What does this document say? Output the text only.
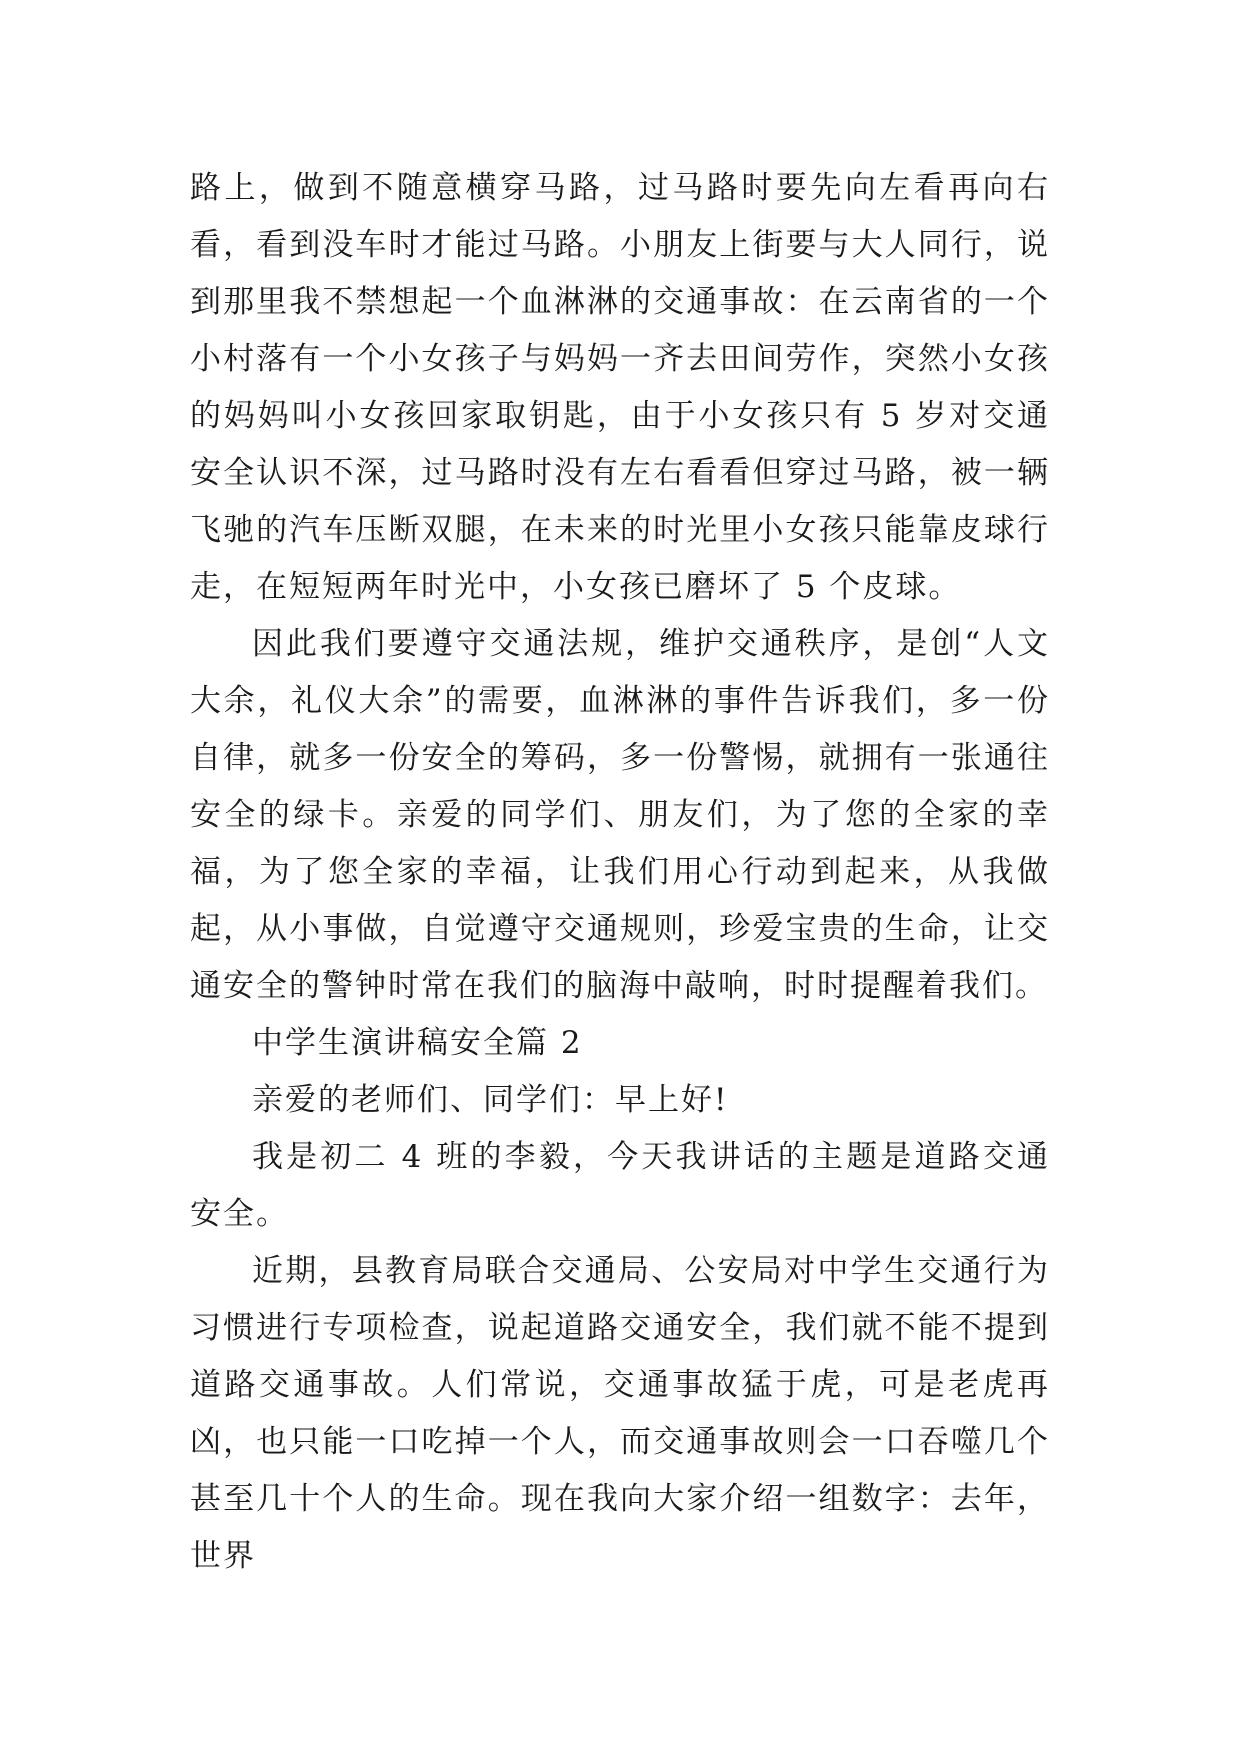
路上，做到不随意横穿马路，过马路时要先向左看再向右看，看到没车时才能过马路。小朋友上街要与大人同行，说到那里我不禁想起一个血淋淋的交通事故：在云南省的一个小村落有一个小女孩子与妈妈一齐去田间劳作，突然小女孩的妈妈叫小女孩回家取钥匙，由于小女孩只有 5 岁对交通安全认识不深，过马路时没有左右看看但穿过马路，被一辆飞驰的汽车压断双腿，在未来的时光里小女孩只能靠皮球行走，在短短两年时光中，小女孩已磨坏了 5 个皮球。

因此我们要遵守交通法规，维护交通秩序，是创“人文大余，礼仪大余”的需要，血淋淋的事件告诉我们，多一份自律，就多一份安全的筹码，多一份警惕，就拥有一张通往安全的绿卡。亲爱的同学们、朋友们，为了您的全家的幸福，为了您全家的幸福，让我们用心行动到起来，从我做起，从小事做，自觉遵守交通规则，珍爱宝贵的生命，让交通安全的警钟时常在我们的脑海中敲响，时时提醒着我们。

中学生演讲稿安全篇 2

亲爱的老师们、同学们：早上好!

我是初二 4 班的李毅，今天我讲话的主题是道路交通安全。

近期，县教育局联合交通局、公安局对中学生交通行为习惯进行专项检查，说起道路交通安全，我们就不能不提到道路交通事故。人们常说，交通事故猛于虎，可是老虎再凶，也只能一口吃掉一个人，而交通事故则会一口吞噬几个甚至几十个人的生命。现在我向大家介绍一组数字：去年，世界
